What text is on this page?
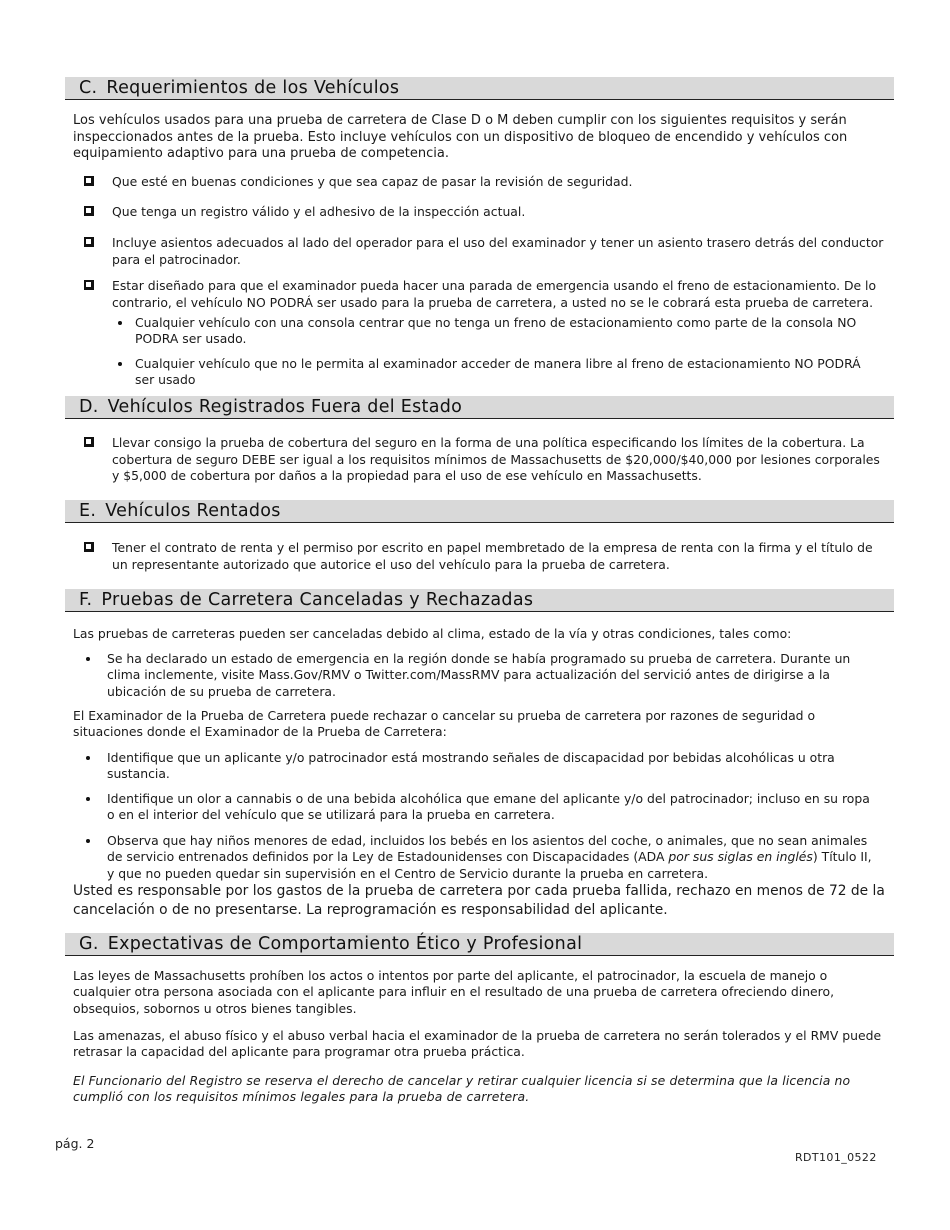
C. Requerimientos de los Vehículos
Los vehículos usados para una prueba de carretera de Clase D o M deben cumplir con los siguientes requisitos y serán inspeccionados antes de la prueba. Esto incluye vehículos con un dispositivo de bloqueo de encendido y vehículos con equipamiento adaptivo para una prueba de competencia.
Que esté en buenas condiciones y que sea capaz de pasar la revisión de seguridad.
Que tenga un registro válido y el adhesivo de la inspección actual.
Incluye asientos adecuados al lado del operador para el uso del examinador y tener un asiento trasero detrás del conductor para el patrocinador.
Estar diseñado para que el examinador pueda hacer una parada de emergencia usando el freno de estacionamiento. De lo contrario, el vehículo NO PODRÁ ser usado para la prueba de carretera, a usted no se le cobrará esta prueba de carretera.
Cualquier vehículo con una consola centrar que no tenga un freno de estacionamiento como parte de la consola NO PODRA ser usado.
Cualquier vehículo que no le permita al examinador acceder de manera libre al freno de estacionamiento NO PODRÁ ser usado
D. Vehículos Registrados Fuera del Estado
Llevar consigo la prueba de cobertura del seguro en la forma de una política especificando los límites de la cobertura. La cobertura de seguro DEBE ser igual a los requisitos mínimos de Massachusetts de $20,000/$40,000 por lesiones corporales y $5,000 de cobertura por daños a la propiedad para el uso de ese vehículo en Massachusetts.
E. Vehículos Rentados
Tener el contrato de renta y el permiso por escrito en papel membretado de la empresa de renta con la firma y el título de un representante autorizado que autorice el uso del vehículo para la prueba de carretera.
F. Pruebas de Carretera Canceladas y Rechazadas
Las pruebas de carreteras pueden ser canceladas debido al clima, estado de la vía y otras condiciones, tales como:
Se ha declarado un estado de emergencia en la región donde se había programado su prueba de carretera. Durante un clima inclemente, visite Mass.Gov/RMV o Twitter.com/MassRMV para actualización del serviciό antes de dirigirse a la ubicación de su prueba de carretera.
El Examinador de la Prueba de Carretera puede rechazar o cancelar su prueba de carretera por razones de seguridad o situaciones donde el Examinador de la Prueba de Carretera:
Identifique que un aplicante y/o patrocinador está mostrando señales de discapacidad por bebidas alcohólicas u otra sustancia.
Identifique un olor a cannabis o de una bebida alcohólica que emane del aplicante y/o del patrocinador; incluso en su ropa o en el interior del vehículo que se utilizará para la prueba en carretera.
Observa que hay niños menores de edad, incluidos los bebés en los asientos del coche, o animales, que no sean animales de servicio entrenados definidos por la Ley de Estadounidenses con Discapacidades (ADA por sus siglas en inglés) Título II, y que no pueden quedar sin supervisión en el Centro de Servicio durante la prueba en carretera.
Usted es responsable por los gastos de la prueba de carretera por cada prueba fallida, rechazo en menos de 72 de la cancelación o de no presentarse. La reprogramación es responsabilidad del aplicante.
G. Expectativas de Comportamiento Ético y Profesional
Las leyes de Massachusetts prohíben los actos o intentos por parte del aplicante, el patrocinador, la escuela de manejo o cualquier otra persona asociada con el aplicante para influir en el resultado de una prueba de carretera ofreciendo dinero, obsequios, sobornos u otros bienes tangibles.
Las amenazas, el abuso físico y el abuso verbal hacia el examinador de la prueba de carretera no serán tolerados y el RMV puede retrasar la capacidad del aplicante para programar otra prueba práctica.
El Funcionario del Registro se reserva el derecho de cancelar y retirar cualquier licencia si se determina que la licencia no cumplió con los requisitos mínimos legales para la prueba de carretera.
pág. 2
RDT101_0522
